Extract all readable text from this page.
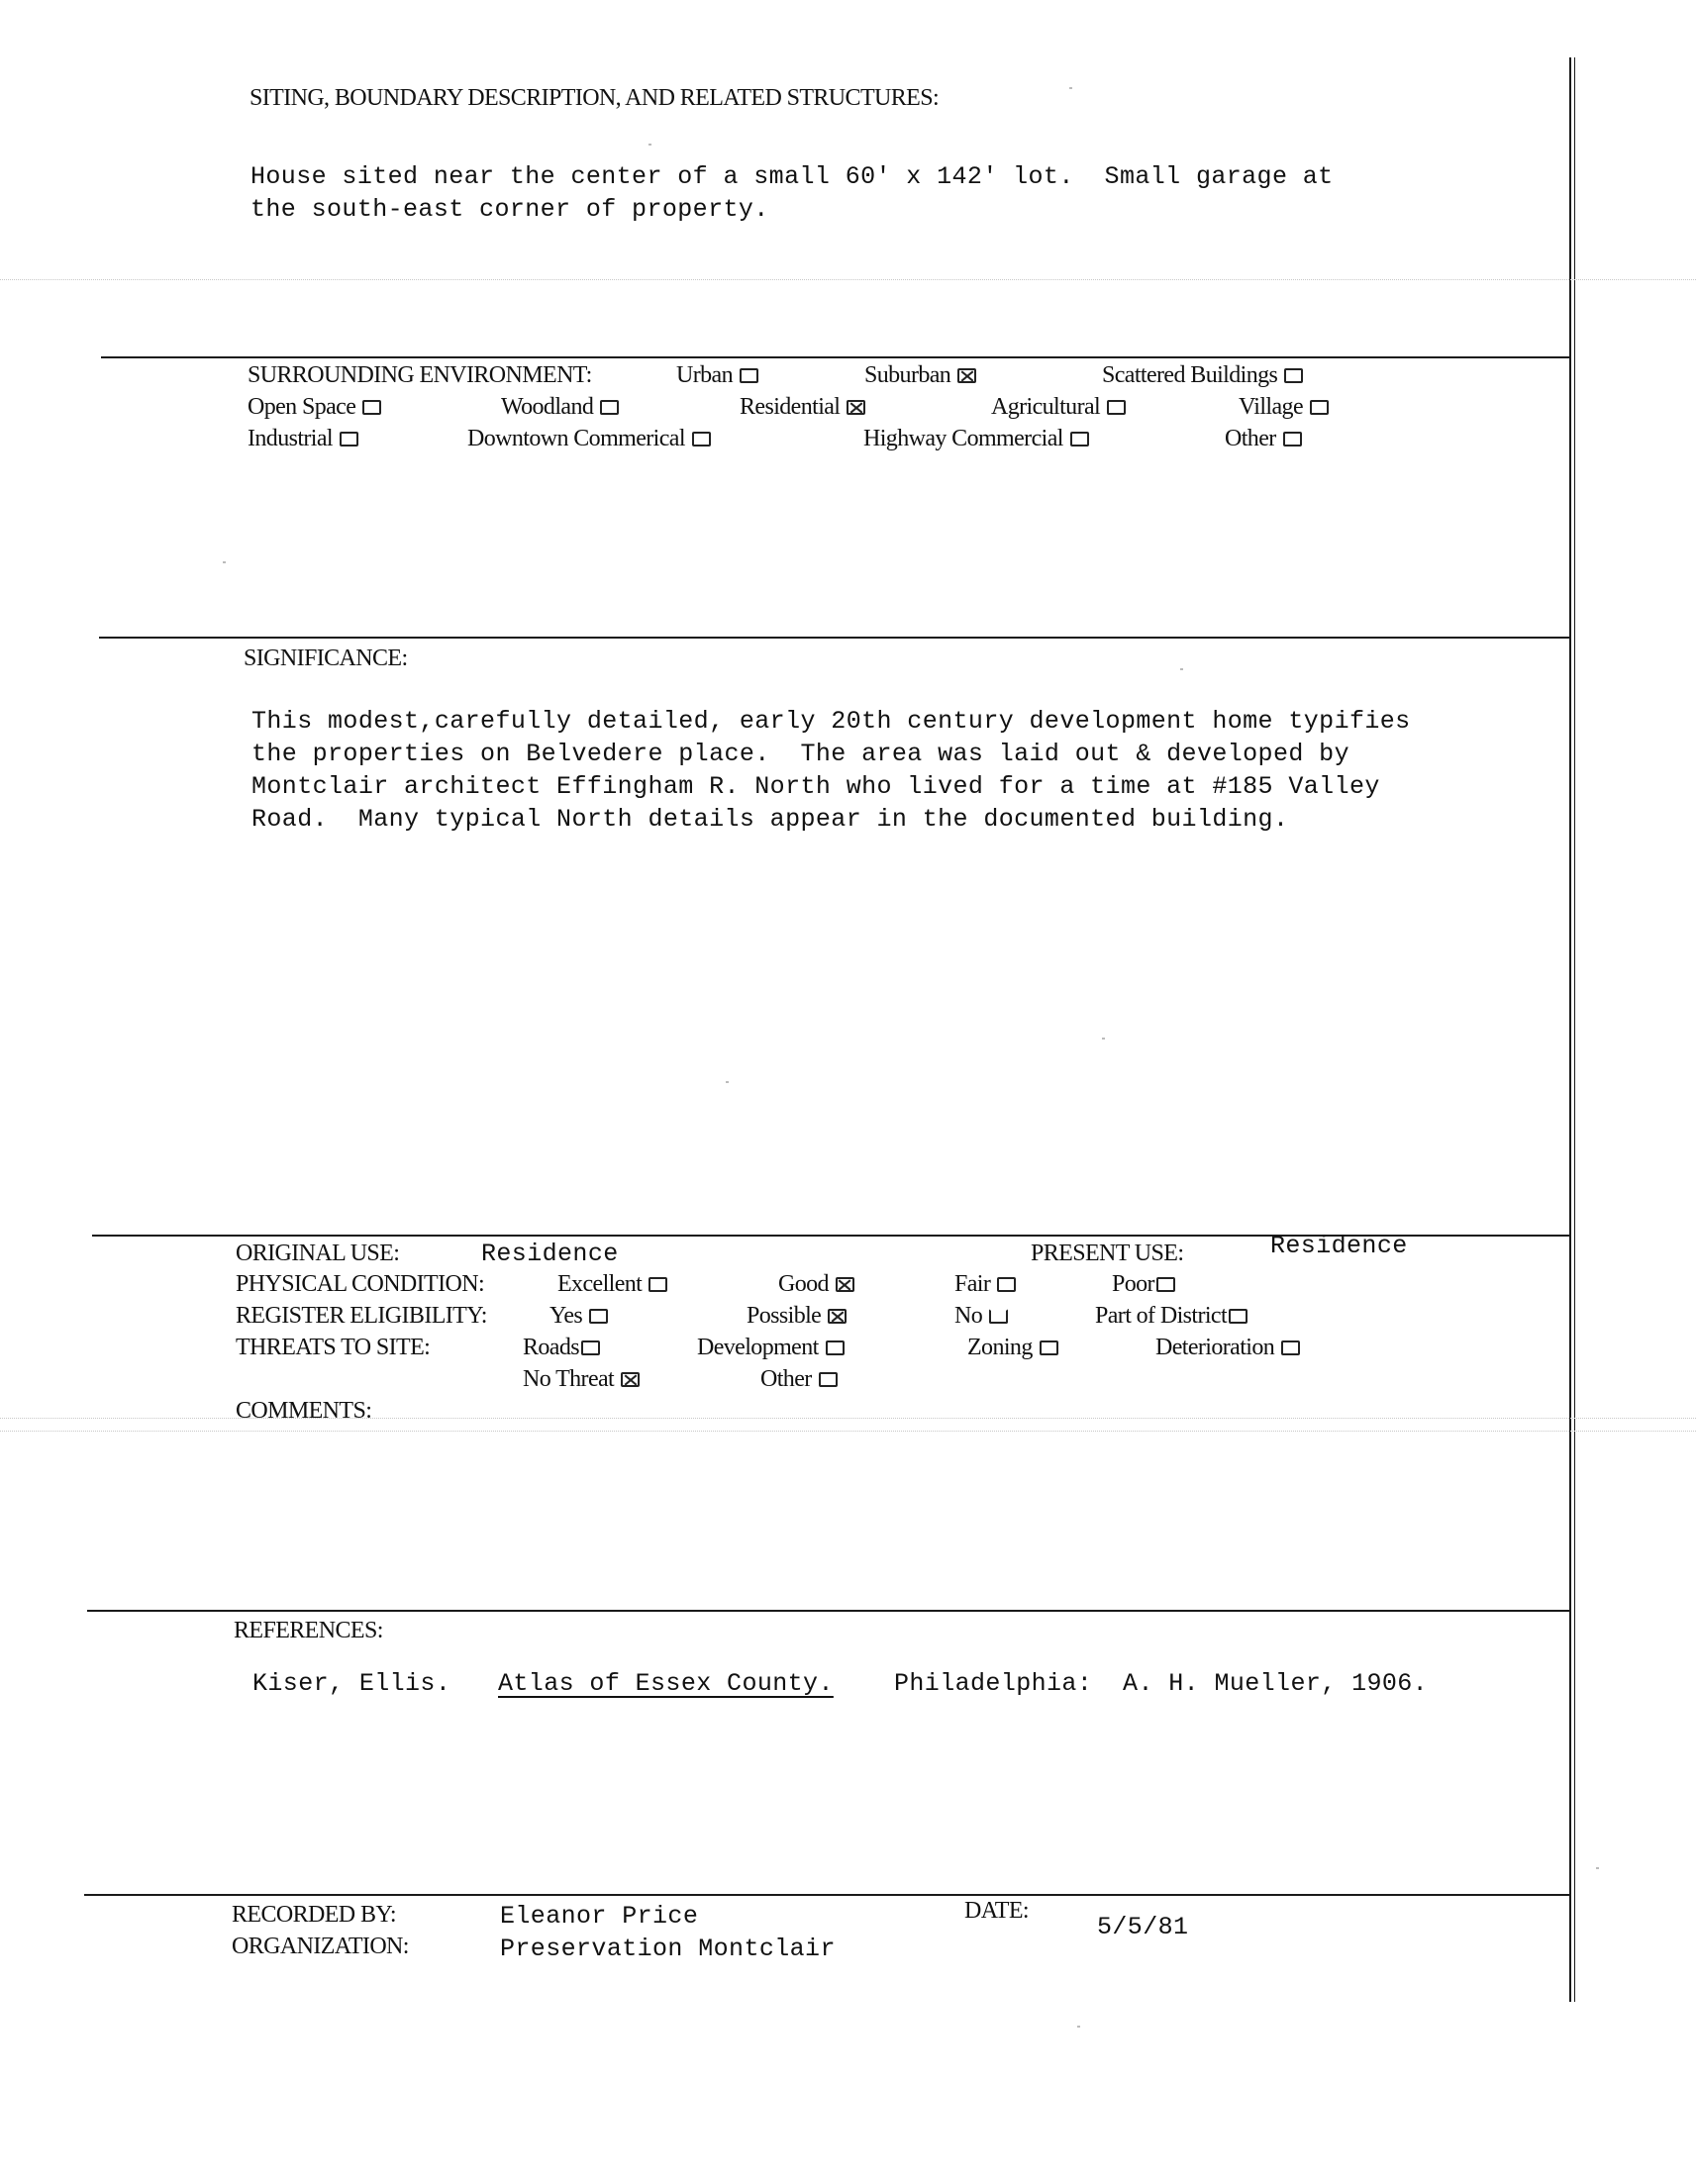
SITING, BOUNDARY DESCRIPTION, AND RELATED STRUCTURES:
House sited near the center of a small 60' x 142' lot.  Small garage at
the south-east corner of property.
SURROUNDING ENVIRONMENT:	Urban	Suburban	Scattered Buildings
Open Space	Woodland	Residential	Agricultural	Village
Industrial	Downtown Commerical	Highway Commercial	Other
SIGNIFICANCE:
This modest,carefully detailed, early 20th century development home typifies
the properties on Belvedere place.  The area was laid out & developed by
Montclair architect Effingham R. North who lived for a time at #185 Valley
Road.  Many typical North details appear in the documented building.
ORIGINAL USE:	Residence	PRESENT USE:	Residence
PHYSICAL CONDITION:	Excellent	Good	Fair	Poor
REGISTER ELIGIBILITY:	Yes	Possible	No	Part of District
THREATS TO SITE:	Roads	Development	Zoning	Deterioration
No Threat	Other
COMMENTS:
REFERENCES:
Kiser, Ellis.	Atlas of Essex County.	Philadelphia:  A. H. Mueller, 1906.
RECORDED BY:	Eleanor Price
ORGANIZATION:	Preservation Montclair
DATE:
5/5/81
